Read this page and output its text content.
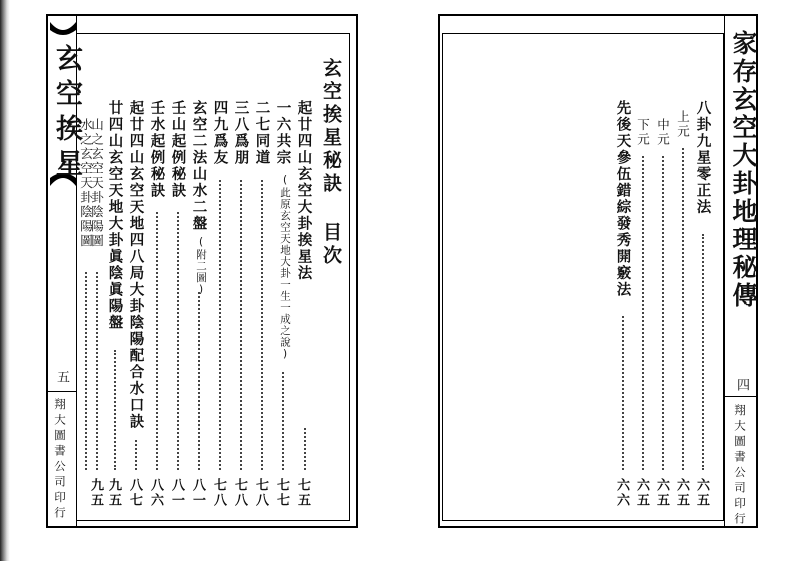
玄空挨星
五
翔大圖書公司印行
玄空挨星秘訣 目次
起廿四山玄空大卦挨星法
七五
一六共宗
(此原玄空天地大卦一生一成之說)
七七
二七同道
七八
三八爲朋
七八
四九爲友
七八
玄空二法山水二盤
(附二圖)
八一
壬山起例秘訣
八一
壬水起例秘訣
八六
起廿四山玄空天地四八局大卦陰陽配合水口訣
八七
廿四山玄空天地大卦眞陰眞陽盤
九五
山之玄空天卦陰陽圖
九五
水之玄空天卦陰陽圖	家存玄空大卦地理秘傳
四
翔大圖書公司印行
八卦九星零正法
六五
上元
六五
中元
六五
下元
六五
先後天參伍錯綜發秀開竅法
六六
